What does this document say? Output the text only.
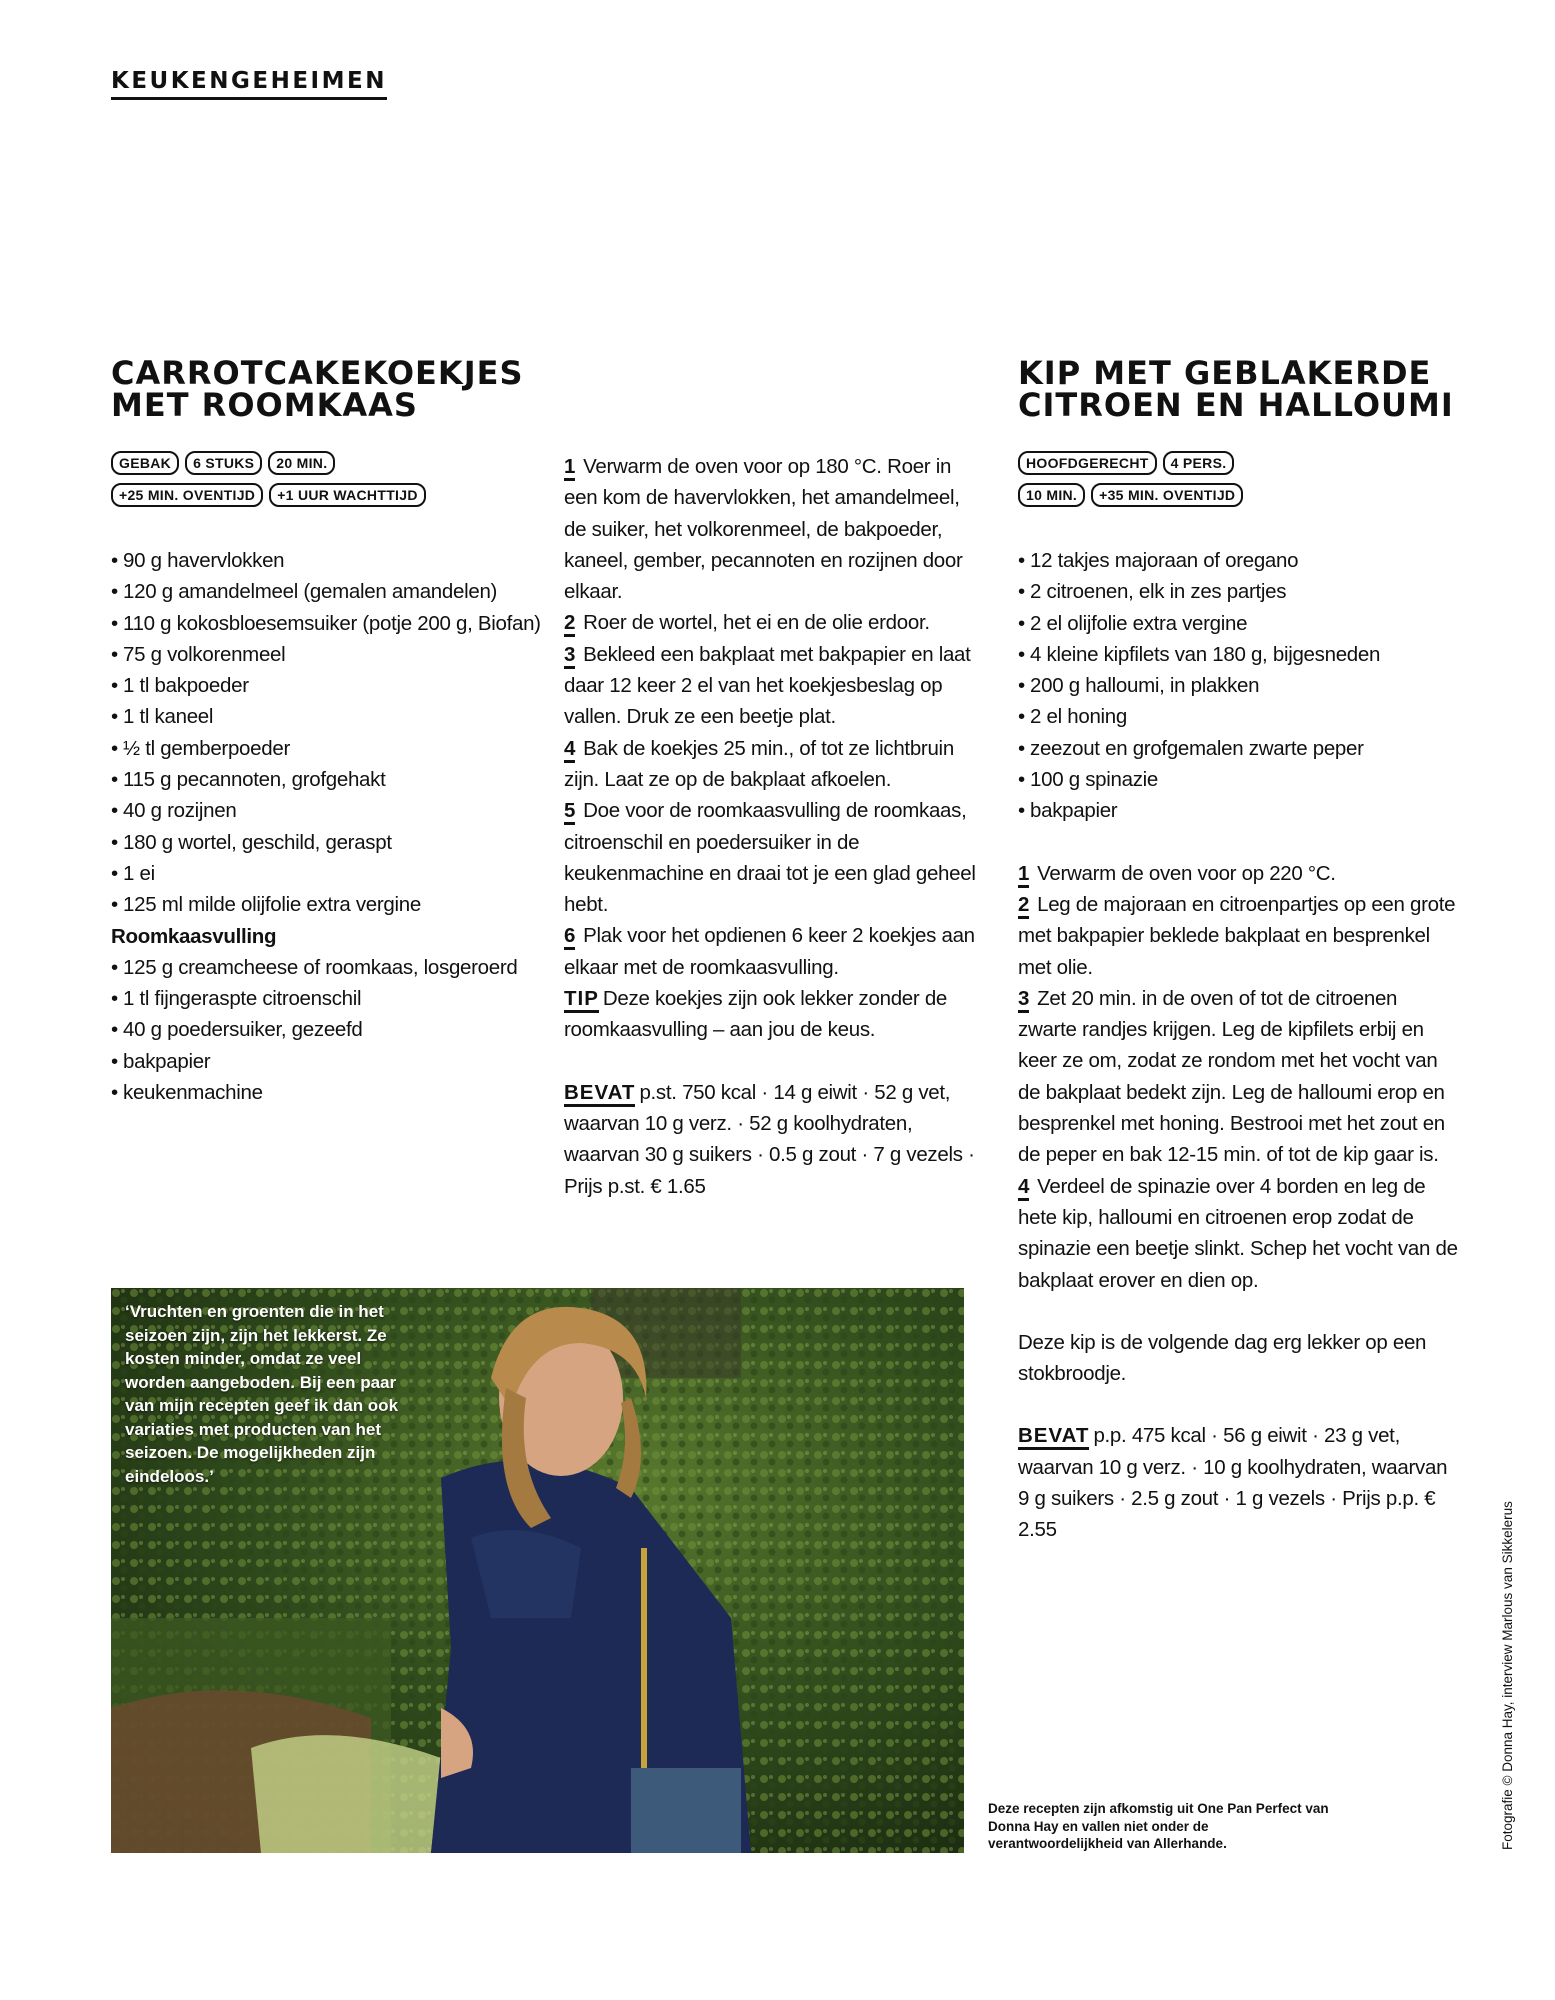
KEUKENGEHEIMEN
CARROTCAKEKOEKJES
MET ROOMKAAS
GEBAK	6 STUKS	20 MIN.
+25 MIN. OVENTIJD	+1 UUR WACHTTIJD
• 90 g havervlokken
• 120 g amandelmeel (gemalen amandelen)
• 110 g kokosbloesemsuiker (potje 200 g, Biofan)
• 75 g volkorenmeel
• 1 tl bakpoeder
• 1 tl kaneel
• ½ tl gemberpoeder
• 115 g pecannoten, grofgehakt
• 40 g rozijnen
• 180 g wortel, geschild, geraspt
• 1 ei
• 125 ml milde olijfolie extra vergine
Roomkaasvulling
• 125 g creamcheese of roomkaas, losgeroerd
• 1 tl fijngeraspte citroenschil
• 40 g poedersuiker, gezeefd
• bakpapier
• keukenmachine

1 Verwarm de oven voor op 180 °C. Roer in een kom de havervlokken, het amandelmeel, de suiker, het volkorenmeel, de bakpoeder, kaneel, gember, pecannoten en rozijnen door elkaar.

2 Roer de wortel, het ei en de olie erdoor.

3 Bekleed een bakplaat met bakpapier en laat daar 12 keer 2 el van het koekjesbeslag op vallen. Druk ze een beetje plat.

4 Bak de koekjes 25 min., of tot ze lichtbruin zijn. Laat ze op de bakplaat afkoelen.

5 Doe voor de roomkaasvulling de roomkaas, citroenschil en poedersuiker in de keukenmachine en draai tot je een glad geheel hebt.

6 Plak voor het opdienen 6 keer 2 koekjes aan elkaar met de roomkaasvulling.

TIP Deze koekjes zijn ook lekker zonder de roomkaasvulling – aan jou de keus.

BEVAT p.st. 750 kcal · 14 g eiwit · 52 g vet, waarvan 10 g verz. · 52 g koolhydraten, waarvan 30 g suikers · 0.5 g zout · 7 g vezels · Prijs p.st. € 1.65

KIP MET GEBLAKERDE
CITROEN EN HALLOUMI
HOOFDGERECHT	4 PERS.
10 MIN.	+35 MIN. OVENTIJD
• 12 takjes majoraan of oregano
• 2 citroenen, elk in zes partjes
• 2 el olijfolie extra vergine
• 4 kleine kipfilets van 180 g, bijgesneden
• 200 g halloumi, in plakken
• 2 el honing
• zeezout en grofgemalen zwarte peper
• 100 g spinazie
• bakpapier

1 Verwarm de oven voor op 220 °C.

2 Leg de majoraan en citroenpartjes op een grote met bakpapier beklede bakplaat en besprenkel met olie.

3 Zet 20 min. in de oven of tot de citroenen zwarte randjes krijgen. Leg de kipfilets erbij en keer ze om, zodat ze rondom met het vocht van de bakplaat bedekt zijn. Leg de halloumi erop en besprenkel met honing. Bestrooi met het zout en de peper en bak 12-15 min. of tot de kip gaar is.

4 Verdeel de spinazie over 4 borden en leg de hete kip, halloumi en citroenen erop zodat de spinazie een beetje slinkt. Schep het vocht van de bakplaat erover en dien op.

Deze kip is de volgende dag erg lekker op een stokbroodje.

BEVAT p.p. 475 kcal · 56 g eiwit · 23 g vet, waarvan 10 g verz. · 10 g koolhydraten, waarvan 9 g suikers · 2.5 g zout · 1 g vezels · Prijs p.p. € 2.55

‘Vruchten en groenten die in het seizoen zijn, zijn het lekkerst. Ze kosten minder, omdat ze veel worden aangeboden. Bij een paar van mijn recepten geef ik dan ook variaties met producten van het seizoen. De mogelijkheden zijn eindeloos.’
Deze recepten zijn afkomstig uit One Pan Perfect van Donna Hay en vallen niet onder de verantwoordelijkheid van Allerhande.	Fotografie © Donna Hay, interview Marlous van Sikkelerus
